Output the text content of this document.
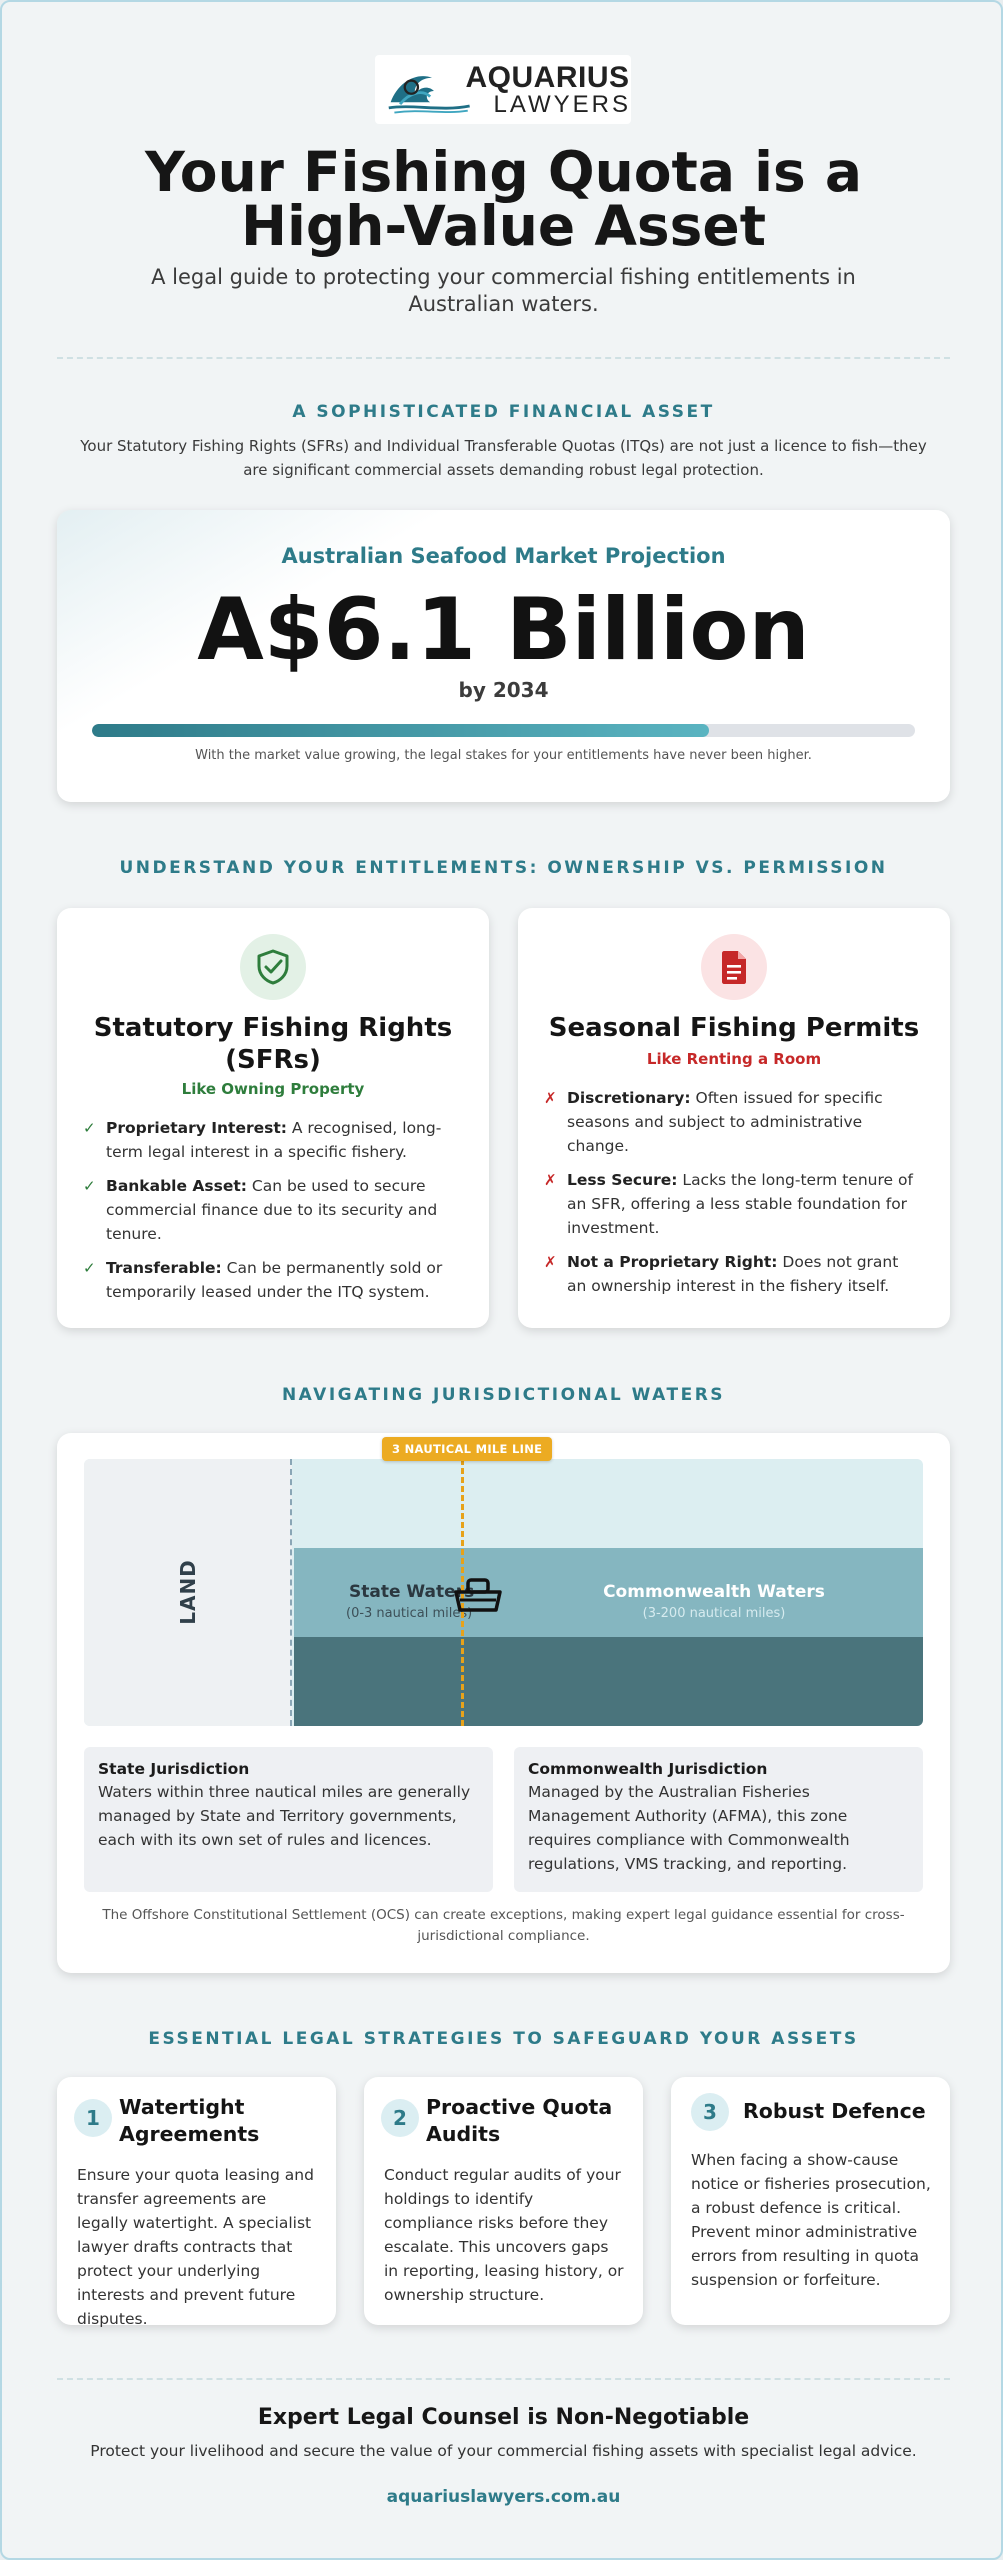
AQUARIUS
LAWYERS
Your Fishing Quota is a High-Value Asset
A legal guide to protecting your commercial fishing entitlements in Australian waters.
A SOPHISTICATED FINANCIAL ASSET
Your Statutory Fishing Rights (SFRs) and Individual Transferable Quotas (ITQs) are not just a licence to fish—they are significant commercial assets demanding robust legal protection.
Australian Seafood Market Projection
A$6.1 Billion
by 2034
With the market value growing, the legal stakes for your entitlements have never been higher.
UNDERSTAND YOUR ENTITLEMENTS: OWNERSHIP VS. PERMISSION
Statutory Fishing Rights (SFRs)
Like Owning Property
✓ Proprietary Interest: A recognised, long-term legal interest in a specific fishery.
✓ Bankable Asset: Can be used to secure commercial finance due to its security and tenure.
✓ Transferable: Can be permanently sold or temporarily leased under the ITQ system.
Seasonal Fishing Permits
Like Renting a Room
✗ Discretionary: Often issued for specific seasons and subject to administrative change.
✗ Less Secure: Lacks the long-term tenure of an SFR, offering a less stable foundation for investment.
✗ Not a Proprietary Right: Does not grant an ownership interest in the fishery itself.
NAVIGATING JURISDICTIONAL WATERS
LAND	State Waters
(0-3 nautical miles)
Commonwealth Waters
(3-200 nautical miles)
3 NAUTICAL MILE LINE
State Jurisdiction
Waters within three nautical miles are generally managed by State and Territory governments, each with its own set of rules and licences.
Commonwealth Jurisdiction
Managed by the Australian Fisheries Management Authority (AFMA), this zone requires compliance with Commonwealth regulations, VMS tracking, and reporting.
The Offshore Constitutional Settlement (OCS) can create exceptions, making expert legal guidance essential for cross-jurisdictional compliance.
ESSENTIAL LEGAL STRATEGIES TO SAFEGUARD YOUR ASSETS
1 Watertight Agreements

Ensure your quota leasing and transfer agreements are legally watertight. A specialist lawyer drafts contracts that protect your underlying interests and prevent future disputes.

2 Proactive Quota Audits

Conduct regular audits of your holdings to identify compliance risks before they escalate. This uncovers gaps in reporting, leasing history, or ownership structure.

3	Robust Defence

When facing a show-cause notice or fisheries prosecution, a robust defence is critical. Prevent minor administrative errors from resulting in quota suspension or forfeiture.

Expert Legal Counsel is Non-Negotiable
Protect your livelihood and secure the value of your commercial fishing assets with specialist legal advice.
aquariuslawyers.com.au
